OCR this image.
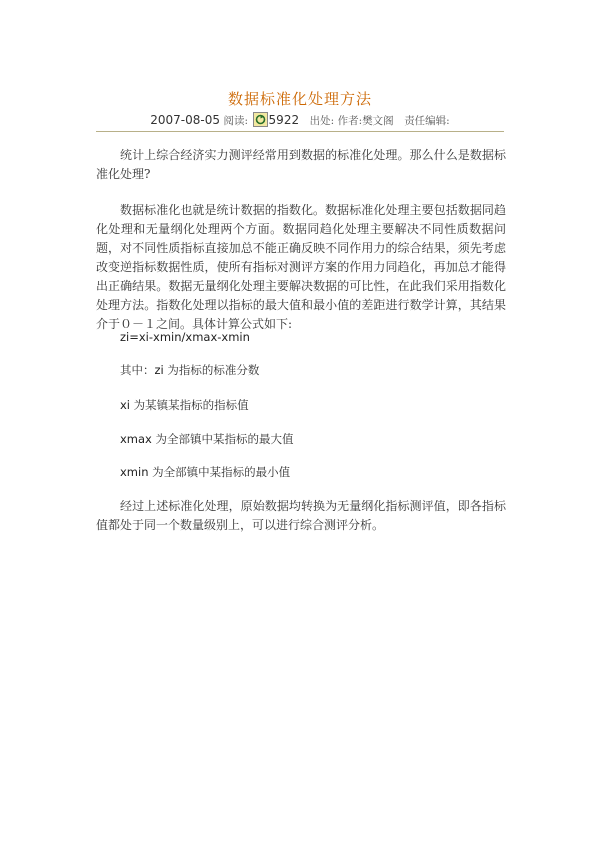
数据标准化处理方法
2007-08-05 阅读: 5922 出处: 作者:樊文阁 责任编辑:

统计上综合经济实力测评经常用到数据的标准化处理。那么什么是数据标准化处理?

数据标准化也就是统计数据的指数化。数据标准化处理主要包括数据同趋化处理和无量纲化处理两个方面。数据同趋化处理主要解决不同性质数据问题，对不同性质指标直接加总不能正确反映不同作用力的综合结果，须先考虑改变逆指标数据性质，使所有指标对测评方案的作用力同趋化，再加总才能得出正确结果。数据无量纲化处理主要解决数据的可比性，在此我们采用指数化处理方法。指数化处理以指标的最大值和最小值的差距进行数学计算，其结果介于０－１之间。具体计算公式如下:

zi=xi-xmin/xmax-xmin
其中：zi 为指标的标准分数
xi 为某镇某指标的指标值
xmax 为全部镇中某指标的最大值
xmin 为全部镇中某指标的最小值

经过上述标准化处理，原始数据均转换为无量纲化指标测评值，即各指标值都处于同一个数量级别上，可以进行综合测评分析。
